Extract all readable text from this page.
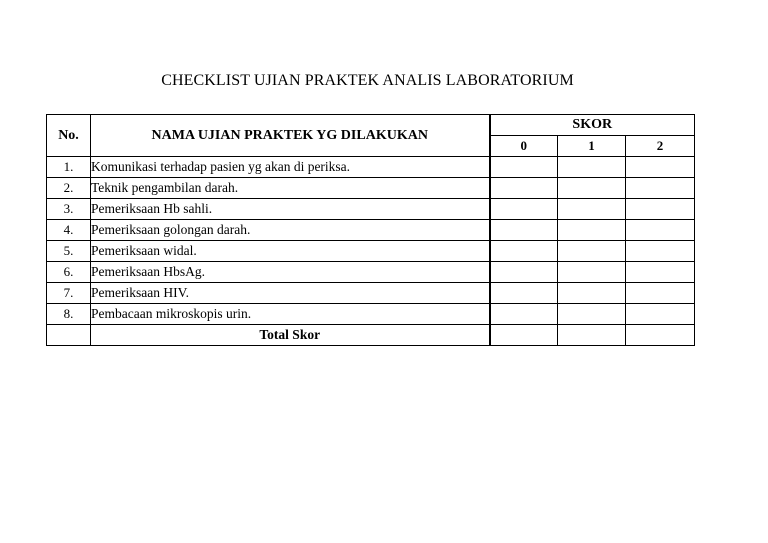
CHECKLIST UJIAN PRAKTEK ANALIS LABORATORIUM
No.	NAMA UJIAN PRAKTEK YG DILAKUKAN	SKOR		
		0	1	2
1.	Komunikasi terhadap pasien yg akan di periksa.			
2.	Teknik pengambilan darah.			
3.	Pemeriksaan Hb sahli.			
4.	Pemeriksaan golongan darah.			
5.	Pemeriksaan widal.			
6.	Pemeriksaan HbsAg.			
7.	Pemeriksaan HIV.			
8.	Pembacaan mikroskopis urin.			
	Total Skor			
